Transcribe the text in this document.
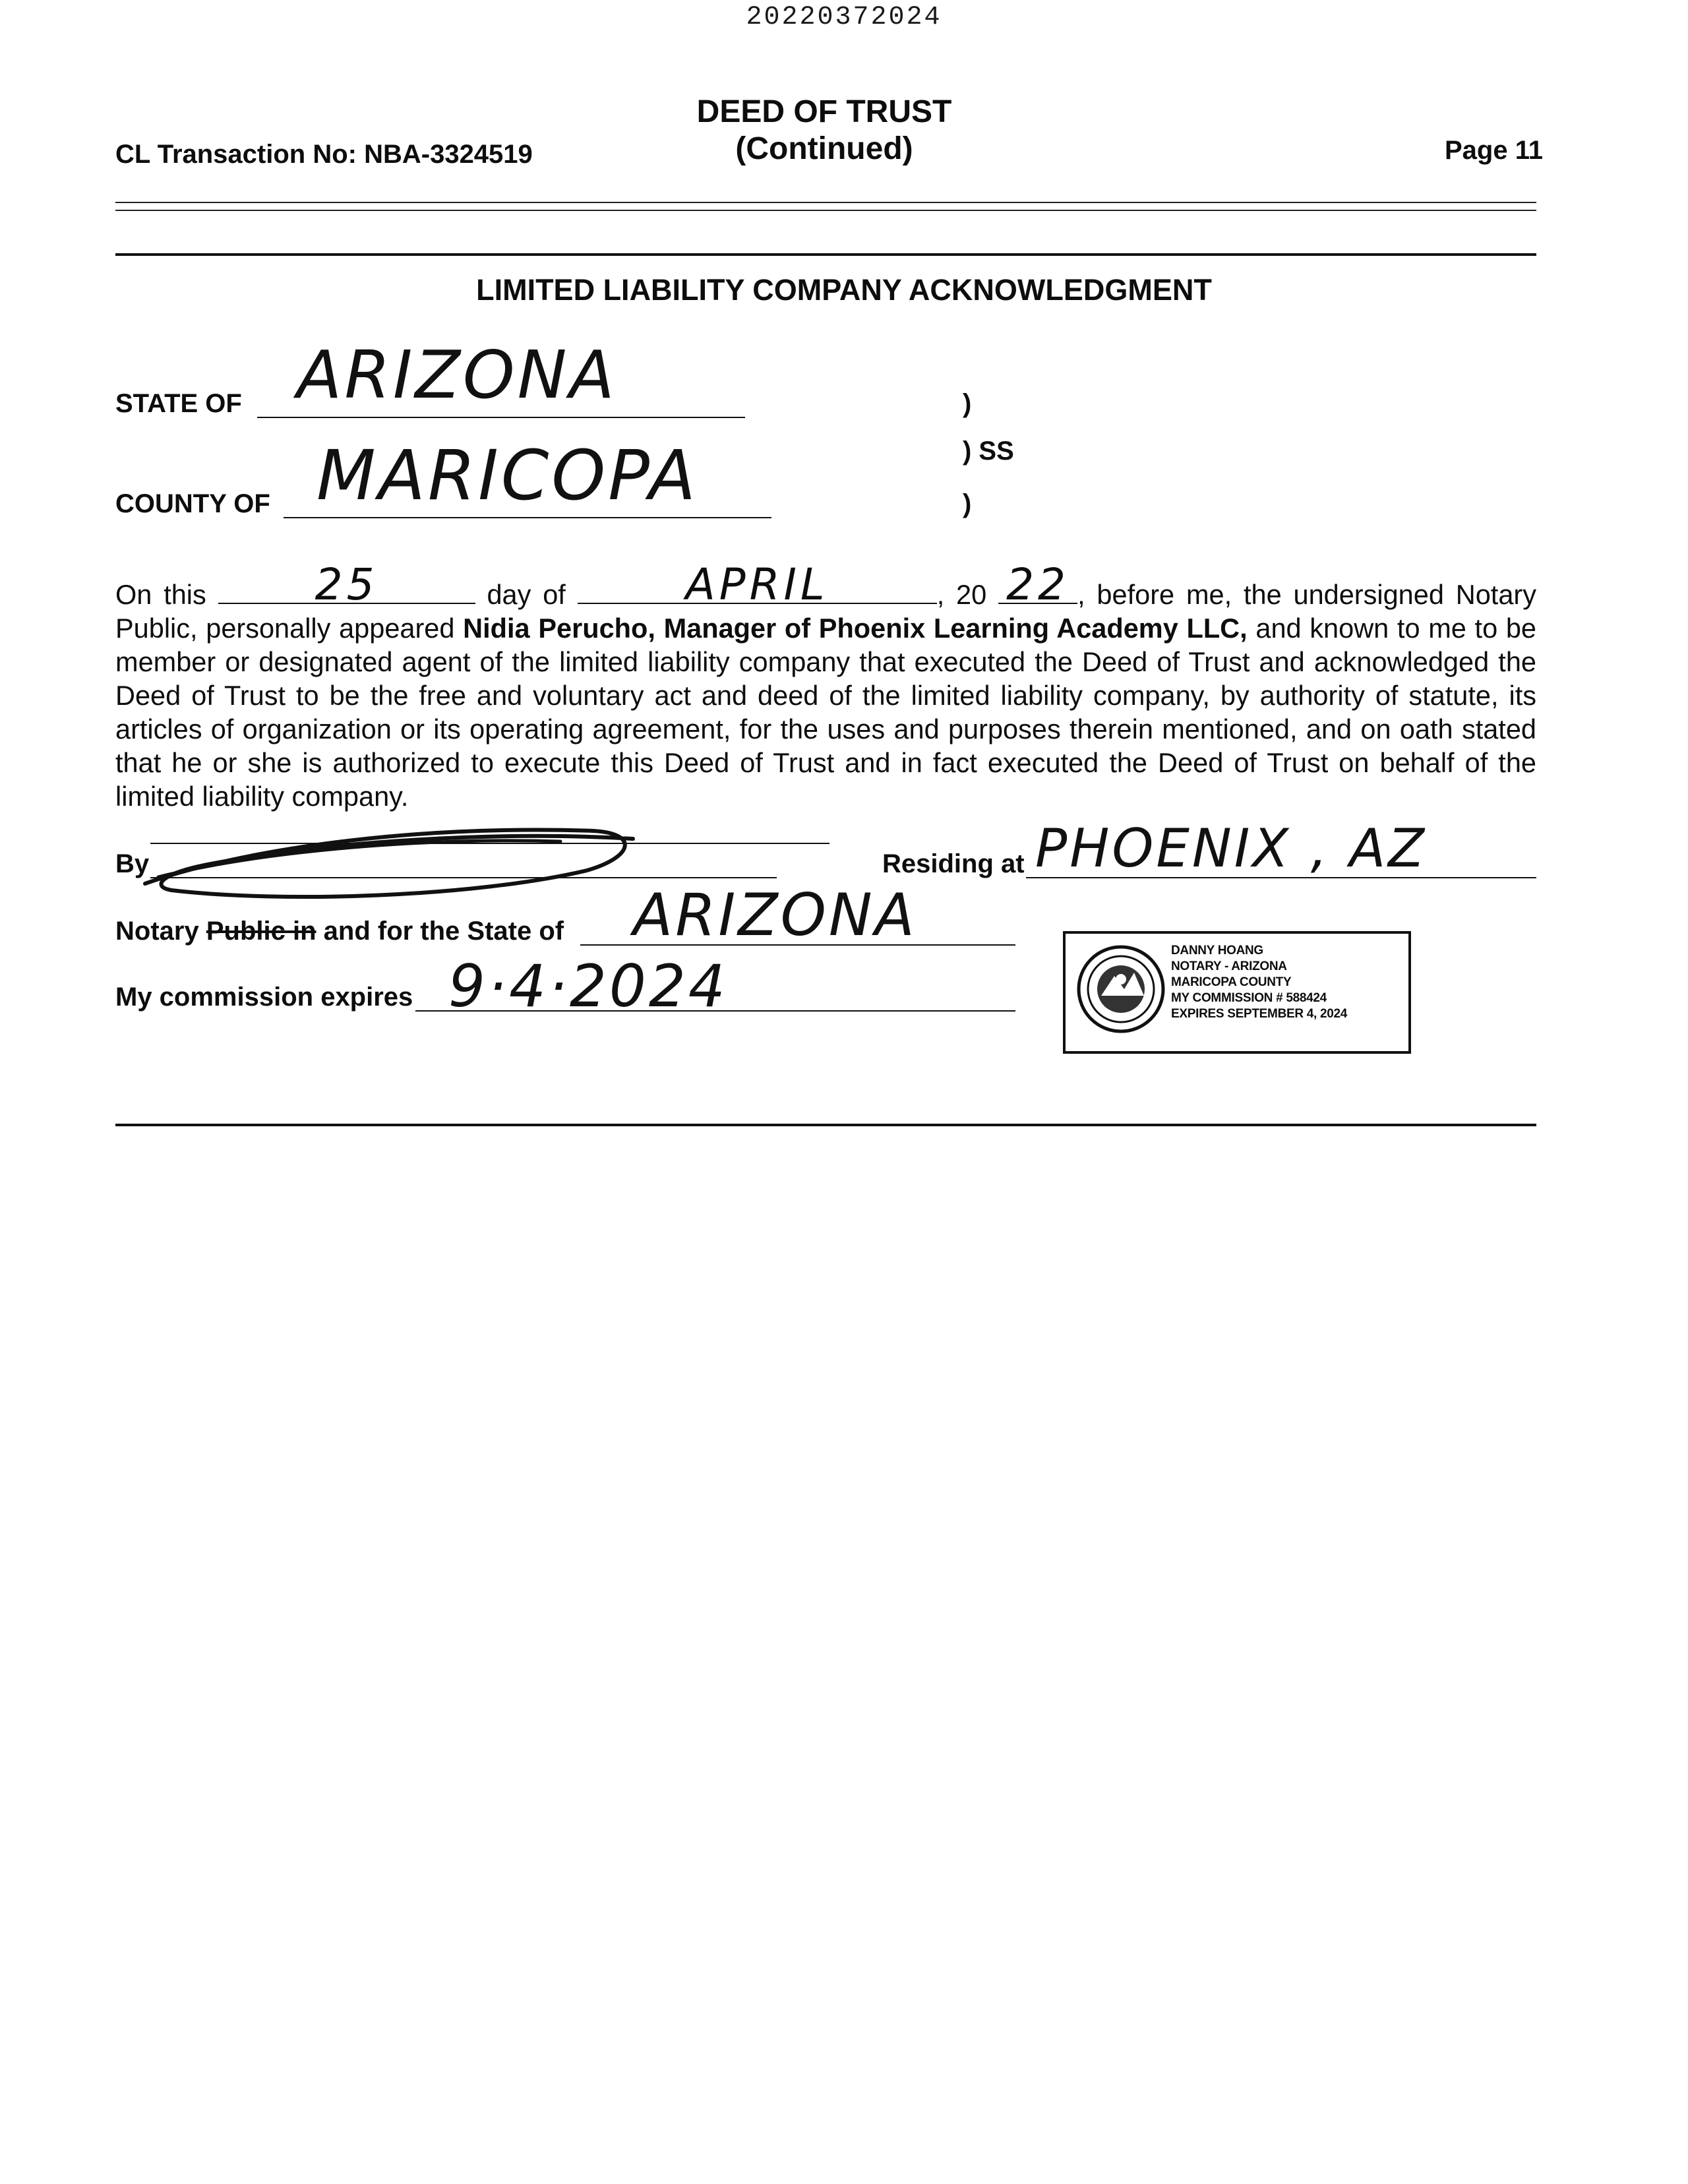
20220372024
CL Transaction No: NBA-3324519
DEED OF TRUST
(Continued)	Page 11
LIMITED LIABILITY COMPANY ACKNOWLEDGMENT
STATE OF ARIZONA	)
) SS
)
COUNTY OF MARICOPA
On this	25	day of	APRIL	, 20 22 , before me, the undersigned Notary Public, personally appeared Nidia Perucho, Manager of Phoenix Learning Academy LLC, and known to me to be member or designated agent of the limited liability company that executed the Deed of Trust and acknowledged the Deed of Trust to be the free and voluntary act and deed of the limited liability company, by authority of statute, its articles of organization or its operating agreement, for the uses and purposes therein mentioned, and on oath stated that he or she is authorized to execute this Deed of Trust and in fact executed the Deed of Trust on behalf of the limited liability company.
By	Residing at PHOENIX , AZ
Notary Public in and for the State of ARIZONA
My commission expires 9·4·2024
DANNY HOANG
NOTARY - ARIZONA
MARICOPA COUNTY
MY COMMISSION # 588424
EXPIRES SEPTEMBER 4, 2024
